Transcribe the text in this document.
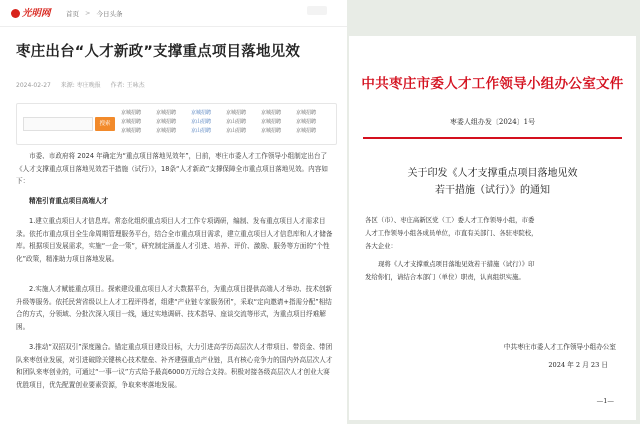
光明网 首页 > 今日头条
枣庄出台“人才新政”支撑重点项目落地见效
2024-02-27 来源: 枣庄晚报 作者: 王咏杰
搜索
京城招聘	京城招聘	京城招聘	京城招聘	京城招聘	京城招聘
京城招聘	京城招聘	京山招聘	京山招聘	京城招聘	京城招聘
京城招聘	京城招聘	京山招聘	京山招聘	京城招聘	京城招聘
市委、市政府将 2024 年确定为“重点项目落地见效年”，日前，枣庄市委人才工作领导小组制定出台了《人才支撑重点项目落地见效若干措施（试行）》，18条“人才新政”支撑保障全市重点项目落地见效。内容如下：
精准引育重点项目高端人才
1.建立重点项目人才信息库。常态化组织重点项目人才工作专项调研，编制、发布重点项目人才需求目录。依托市重点项目全生命周期管理服务平台，结合全市重点项目需求，建立重点项目人才信息库和人才储备库。根据项目发展需求，实施“一企一策”，研究制定涵盖人才引进、培养、评价、激励、服务等方面的“个性化”政策，精准助力项目落地发展。
2.实施人才赋能重点项目。探索建设重点项目人才大数据平台，为重点项目提供高端人才举功、技术创新升级等服务。依托民营省级以上人才工程评得者，组建“产业链专家服务团”，采取“定向邀请+指需分配”相结合的方式，分领域、分批次深入项目一线，通过实地调研、技术指导、座谈交流等形式，为重点项目纾难解困。
3.推动“双招双引”深度融合。锚定重点项目建设目标，大力引进高学历高层次人才带项目、带资金、带团队来枣创业发展，对引进破除关键核心技术壁垒、补齐建强重点产业链，具有核心竞争力的国内外高层次人才和团队来枣创业的，可通过“一事一议”方式给予最高6000万元综合支持。积极对接各级高层次人才创业大赛优胜项目，优先配置创业要素资源，争取来枣落地发展。
中共枣庄市委人才工作领导小组办公室文件
枣委人组办发〔2024〕1号
关于印发《人才支撑重点项目落地见效
若干措施（试行）》的通知
各区（市）、枣庄高新区党（工）委人才工作领导小组，市委
人才工作领导小组各成员单位，市直有关部门、各驻枣院校，
各大企业：
现将《人才支撑重点项目落地见效若干措施（试行）》印
发给你们，请结合本部门（单位）职责，认真组织实施。
中共枣庄市委人才工作领导小组办公室
2024 年 2 月 23 日
—1—
